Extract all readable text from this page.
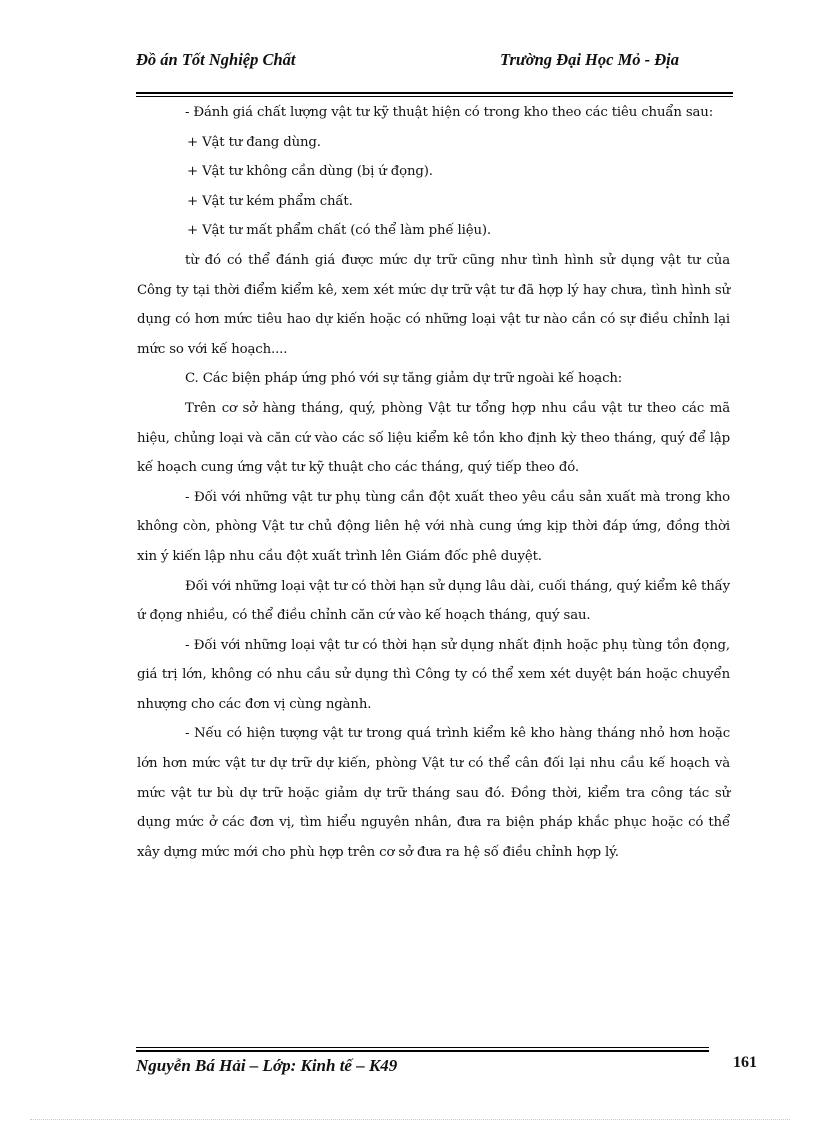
Đồ án Tốt Nghiệp Chất	Trường Đại Học Mỏ - Địa

- Đánh giá chất lượng vật tư kỹ thuật hiện có trong kho theo các tiêu chuẩn sau:

+ Vật tư đang dùng.

+ Vật tư không cần dùng (bị ứ đọng).

+ Vật tư kém phẩm chất.

+ Vật tư mất phẩm chất (có thể làm phế liệu).

từ đó có thể đánh giá được mức dự trữ cũng như tình hình sử dụng vật tư của Công ty tại thời điểm kiểm kê, xem xét mức dự trữ vật tư đã hợp lý hay chưa, tình hình sử dụng có hơn mức tiêu hao dự kiến hoặc có những loại vật tư nào cần có sự điều chỉnh lại mức so với kế hoạch....

C. Các biện pháp ứng phó với sự tăng giảm dự trữ ngoài kế hoạch:

Trên cơ sở hàng tháng, quý, phòng Vật tư tổng hợp nhu cầu vật tư theo các mã hiệu, chủng loại và căn cứ vào các số liệu kiểm kê tồn kho định kỳ theo tháng, quý để lập kế hoạch cung ứng vật tư kỹ thuật cho các tháng, quý tiếp theo đó.

- Đối với những vật tư phụ tùng cần đột xuất theo yêu cầu sản xuất mà trong kho không còn, phòng Vật tư chủ động liên hệ với nhà cung ứng kịp thời đáp ứng, đồng thời xin ý kiến lập nhu cầu đột xuất trình lên Giám đốc phê duyệt.

Đối với những loại vật tư có thời hạn sử dụng lâu dài, cuối tháng, quý kiểm kê thấy ứ đọng nhiều, có thể điều chỉnh căn cứ vào kế hoạch tháng, quý sau.

- Đối với những loại vật tư có thời hạn sử dụng nhất định hoặc phụ tùng tồn đọng, giá trị lớn, không có nhu cầu sử dụng thì Công ty có thể xem xét duyệt bán hoặc chuyển nhượng cho các đơn vị cùng ngành.

- Nếu có hiện tượng vật tư trong quá trình kiểm kê kho hàng tháng nhỏ hơn hoặc lớn hơn mức vật tư dự trữ dự kiến, phòng Vật tư có thể cân đối lại nhu cầu kế hoạch và mức vật tư bù dự trữ hoặc giảm dự trữ tháng sau đó. Đồng thời, kiểm tra công tác sử dụng mức ở các đơn vị, tìm hiểu nguyên nhân, đưa ra biện pháp khắc phục hoặc có thể xây dựng mức mới cho phù hợp trên cơ sở đưa ra hệ số điều chỉnh hợp lý.

Nguyễn Bá Hải – Lớp: Kinh tế – K49	161
